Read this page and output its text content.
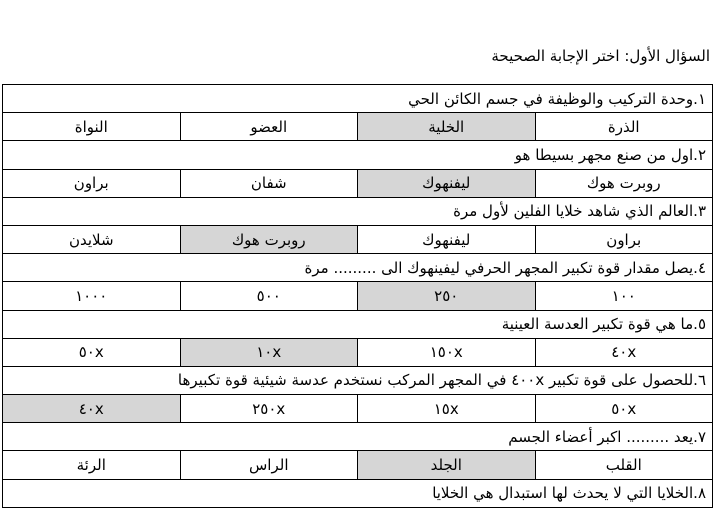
السؤال الأول: اختر الإجابة الصحيحة
١.وحدة التركيب والوظيفة في جسم الكائن الحي			
الذرة	الخلية	العضو	النواة
٢.اول من صنع مجهر بسيطا هو			
روبرت هوك	ليفنهوك	شفان	براون
٣.العالم الذي شاهد خلايا الفلين لأول مرة			
براون	ليفنهوك	روبرت هوك	شلايدن
٤.يصل مقدار قوة تكبير المجهر الحرفي ليفينهوك الى ......... مرة			
١٠٠	٢٥٠	٥٠٠	١٠٠٠
٥.ما هي قوة تكبير العدسة العينية			
٤٠x	١٥٠x	١٠x	٥٠x
٦.للحصول على قوة تكبير ٤٠٠x في المجهر المركب نستخدم عدسة شيئية قوة تكبيرها			
٥٠x	١٥x	٢٥٠x	٤٠x
٧.يعد ......... اكبر أعضاء الجسم			
القلب	الجلد	الراس	الرئة
٨.الخلايا التي لا يحدث لها استبدال هي الخلايا			
